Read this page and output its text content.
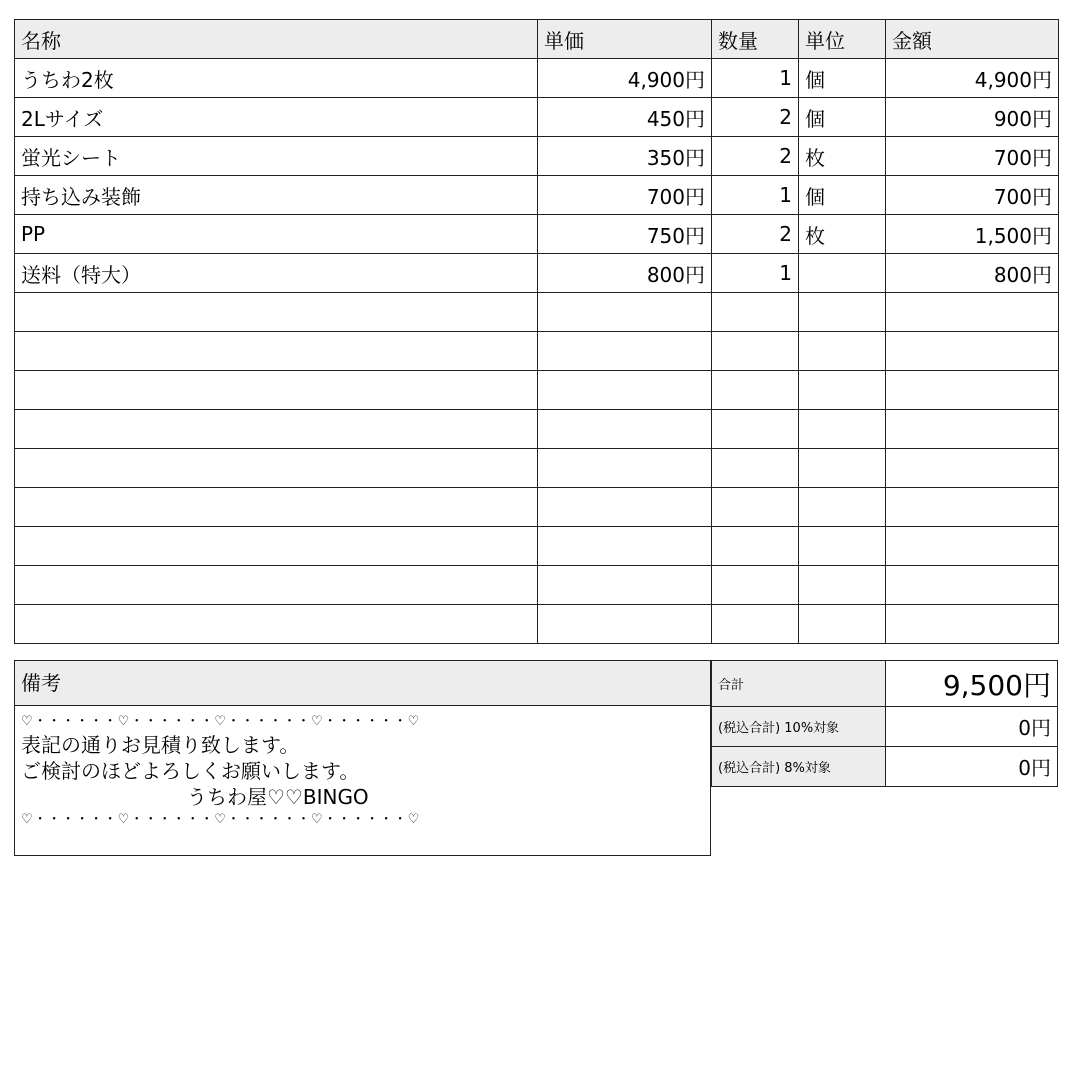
名称	単価	数量	単位	金額
うちわ2枚	4,900円	1	個	4,900円
2Lサイズ	450円	2	個	900円
蛍光シート	350円	2	枚	700円
持ち込み装飾	700円	1	個	700円
PP	750円	2	枚	1,500円
送料（特大）	800円	1		800円

備考
♡・・・・・・♡・・・・・・♡・・・・・・♡・・・・・・♡
表記の通りお見積り致します。
ご検討のほどよろしくお願いします。
うちわ屋♡♡BINGO
♡・・・・・・♡・・・・・・♡・・・・・・♡・・・・・・♡
合計	9,500円
(税込合計) 10%対象	0円
(税込合計) 8%対象	0円
